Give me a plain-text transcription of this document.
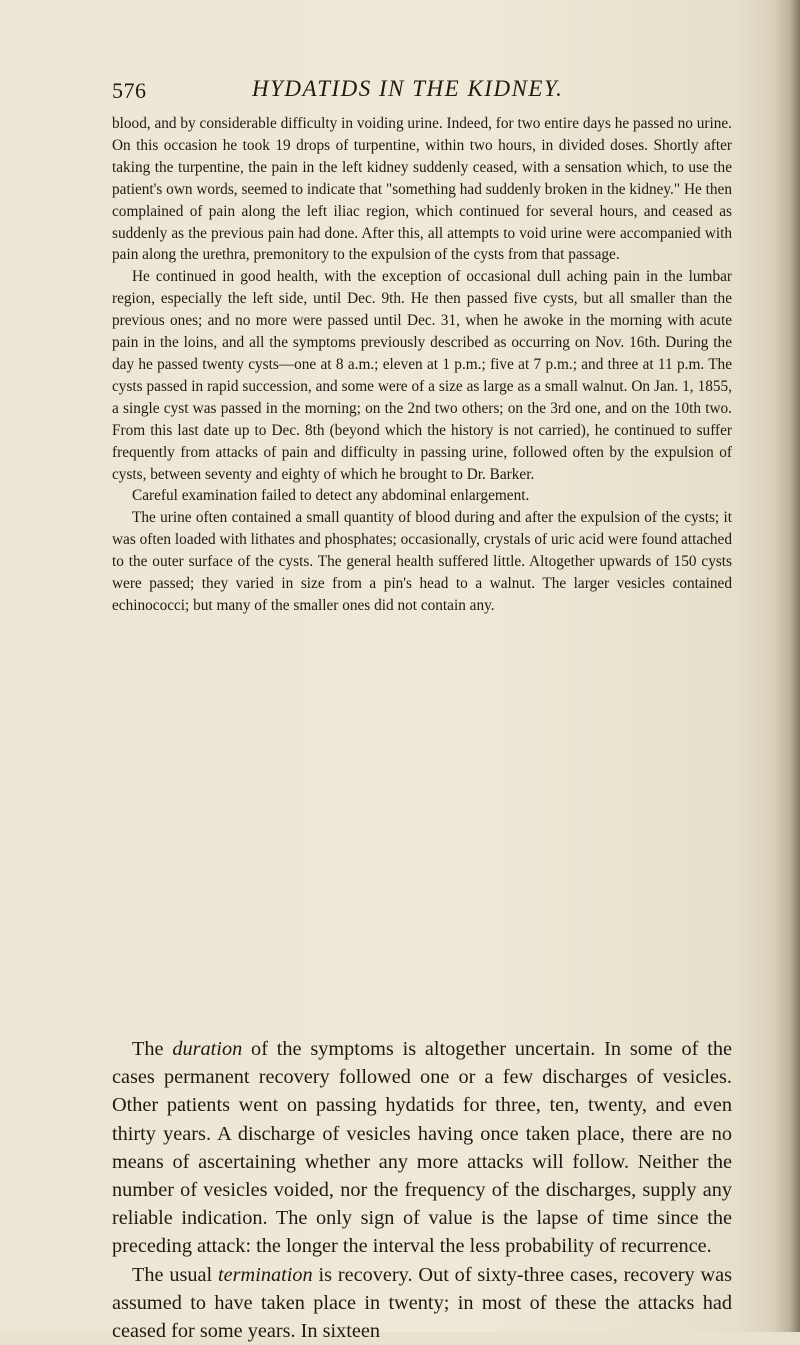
576	HYDATIDS IN THE KIDNEY.

blood, and by considerable difficulty in voiding urine. Indeed, for two entire days he passed no urine. On this occasion he took 19 drops of turpentine, within two hours, in divided doses. Shortly after taking the turpentine, the pain in the left kidney suddenly ceased, with a sensation which, to use the patient's own words, seemed to indicate that "something had suddenly broken in the kidney." He then complained of pain along the left iliac region, which continued for several hours, and ceased as suddenly as the previous pain had done. After this, all attempts to void urine were accompanied with pain along the urethra, premonitory to the expulsion of the cysts from that passage.

He continued in good health, with the exception of occasional dull aching pain in the lumbar region, especially the left side, until Dec. 9th. He then passed five cysts, but all smaller than the previous ones; and no more were passed until Dec. 31, when he awoke in the morning with acute pain in the loins, and all the symptoms previously described as occurring on Nov. 16th. During the day he passed twenty cysts—one at 8 a.m.; eleven at 1 p.m.; five at 7 p.m.; and three at 11 p.m. The cysts passed in rapid succession, and some were of a size as large as a small walnut. On Jan. 1, 1855, a single cyst was passed in the morning; on the 2nd two others; on the 3rd one, and on the 10th two. From this last date up to Dec. 8th (beyond which the history is not carried), he continued to suffer frequently from attacks of pain and difficulty in passing urine, followed often by the expulsion of cysts, between seventy and eighty of which he brought to Dr. Barker.

Careful examination failed to detect any abdominal enlargement.

The urine often contained a small quantity of blood during and after the expulsion of the cysts; it was often loaded with lithates and phosphates; occasionally, crystals of uric acid were found attached to the outer surface of the cysts. The general health suffered little. Altogether upwards of 150 cysts were passed; they varied in size from a pin's head to a walnut. The larger vesicles contained echinococci; but many of the smaller ones did not contain any.

The duration of the symptoms is altogether uncertain. In some of the cases permanent recovery followed one or a few discharges of vesicles. Other patients went on passing hydatids for three, ten, twenty, and even thirty years. A discharge of vesicles having once taken place, there are no means of ascertaining whether any more attacks will follow. Neither the number of vesicles voided, nor the frequency of the discharges, supply any reliable indication. The only sign of value is the lapse of time since the preceding attack: the longer the interval the less probability of recurrence.

The usual termination is recovery. Out of sixty-three cases, recovery was assumed to have taken place in twenty; in most of these the attacks had ceased for some years. In sixteen
